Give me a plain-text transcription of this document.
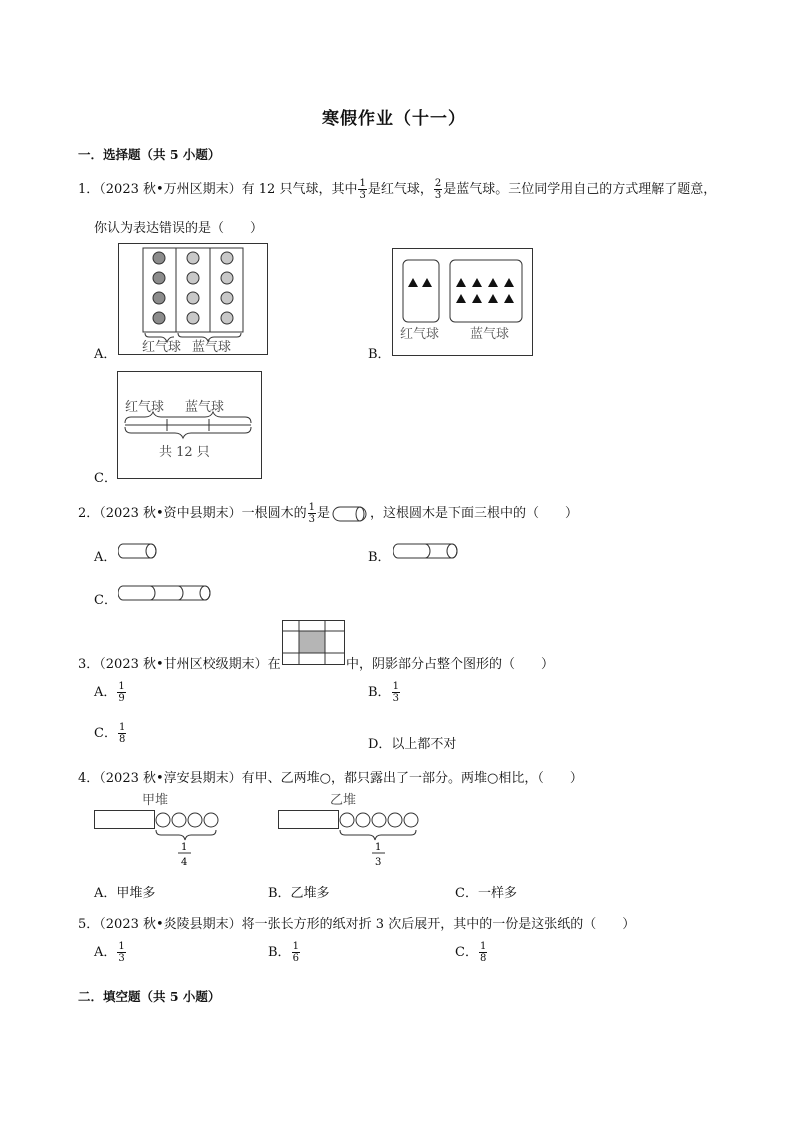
寒假作业（十一）
一．选择题（共 5 小题）
1．（2023 秋•万州区期末）有 12 只气球，其中 $\frac{1}{3}$ 是红气球， $\frac{2}{3}$ 是蓝气球。三位同学用自己的方式理解了题意，
你认为表达错误的是（　　）
A． 红气球 蓝气球	B．
红气球 蓝气球
C．
红气球 蓝气球
共 12 只
2．（2023 秋•资中县期末）一根圆木的 $\frac{1}{3}$ 是	，这根圆木是下面三根中的（　　）
A．	B．
C．
3．（2023 秋•甘州区校级期末）在	中，阴影部分占整个图形的（　　）
A． $\frac{1}{9}$	B． $\frac{1}{3}$
C． $\frac{1}{8}$	D．以上都不对
4．（2023 秋•淳安县期末）有甲、乙两堆○，都只露出了一部分。两堆○相比，（　　）
甲堆
1
4
乙堆
1
3
A．甲堆多	B．乙堆多	C．一样多
5．（2023 秋•炎陵县期末）将一张长方形的纸对折 3 次后展开，其中的一份是这张纸的（　　）
A． $\frac{1}{3}$	B． $\frac{1}{6}$	C． $\frac{1}{8}$
二．填空题（共 5 小题）
